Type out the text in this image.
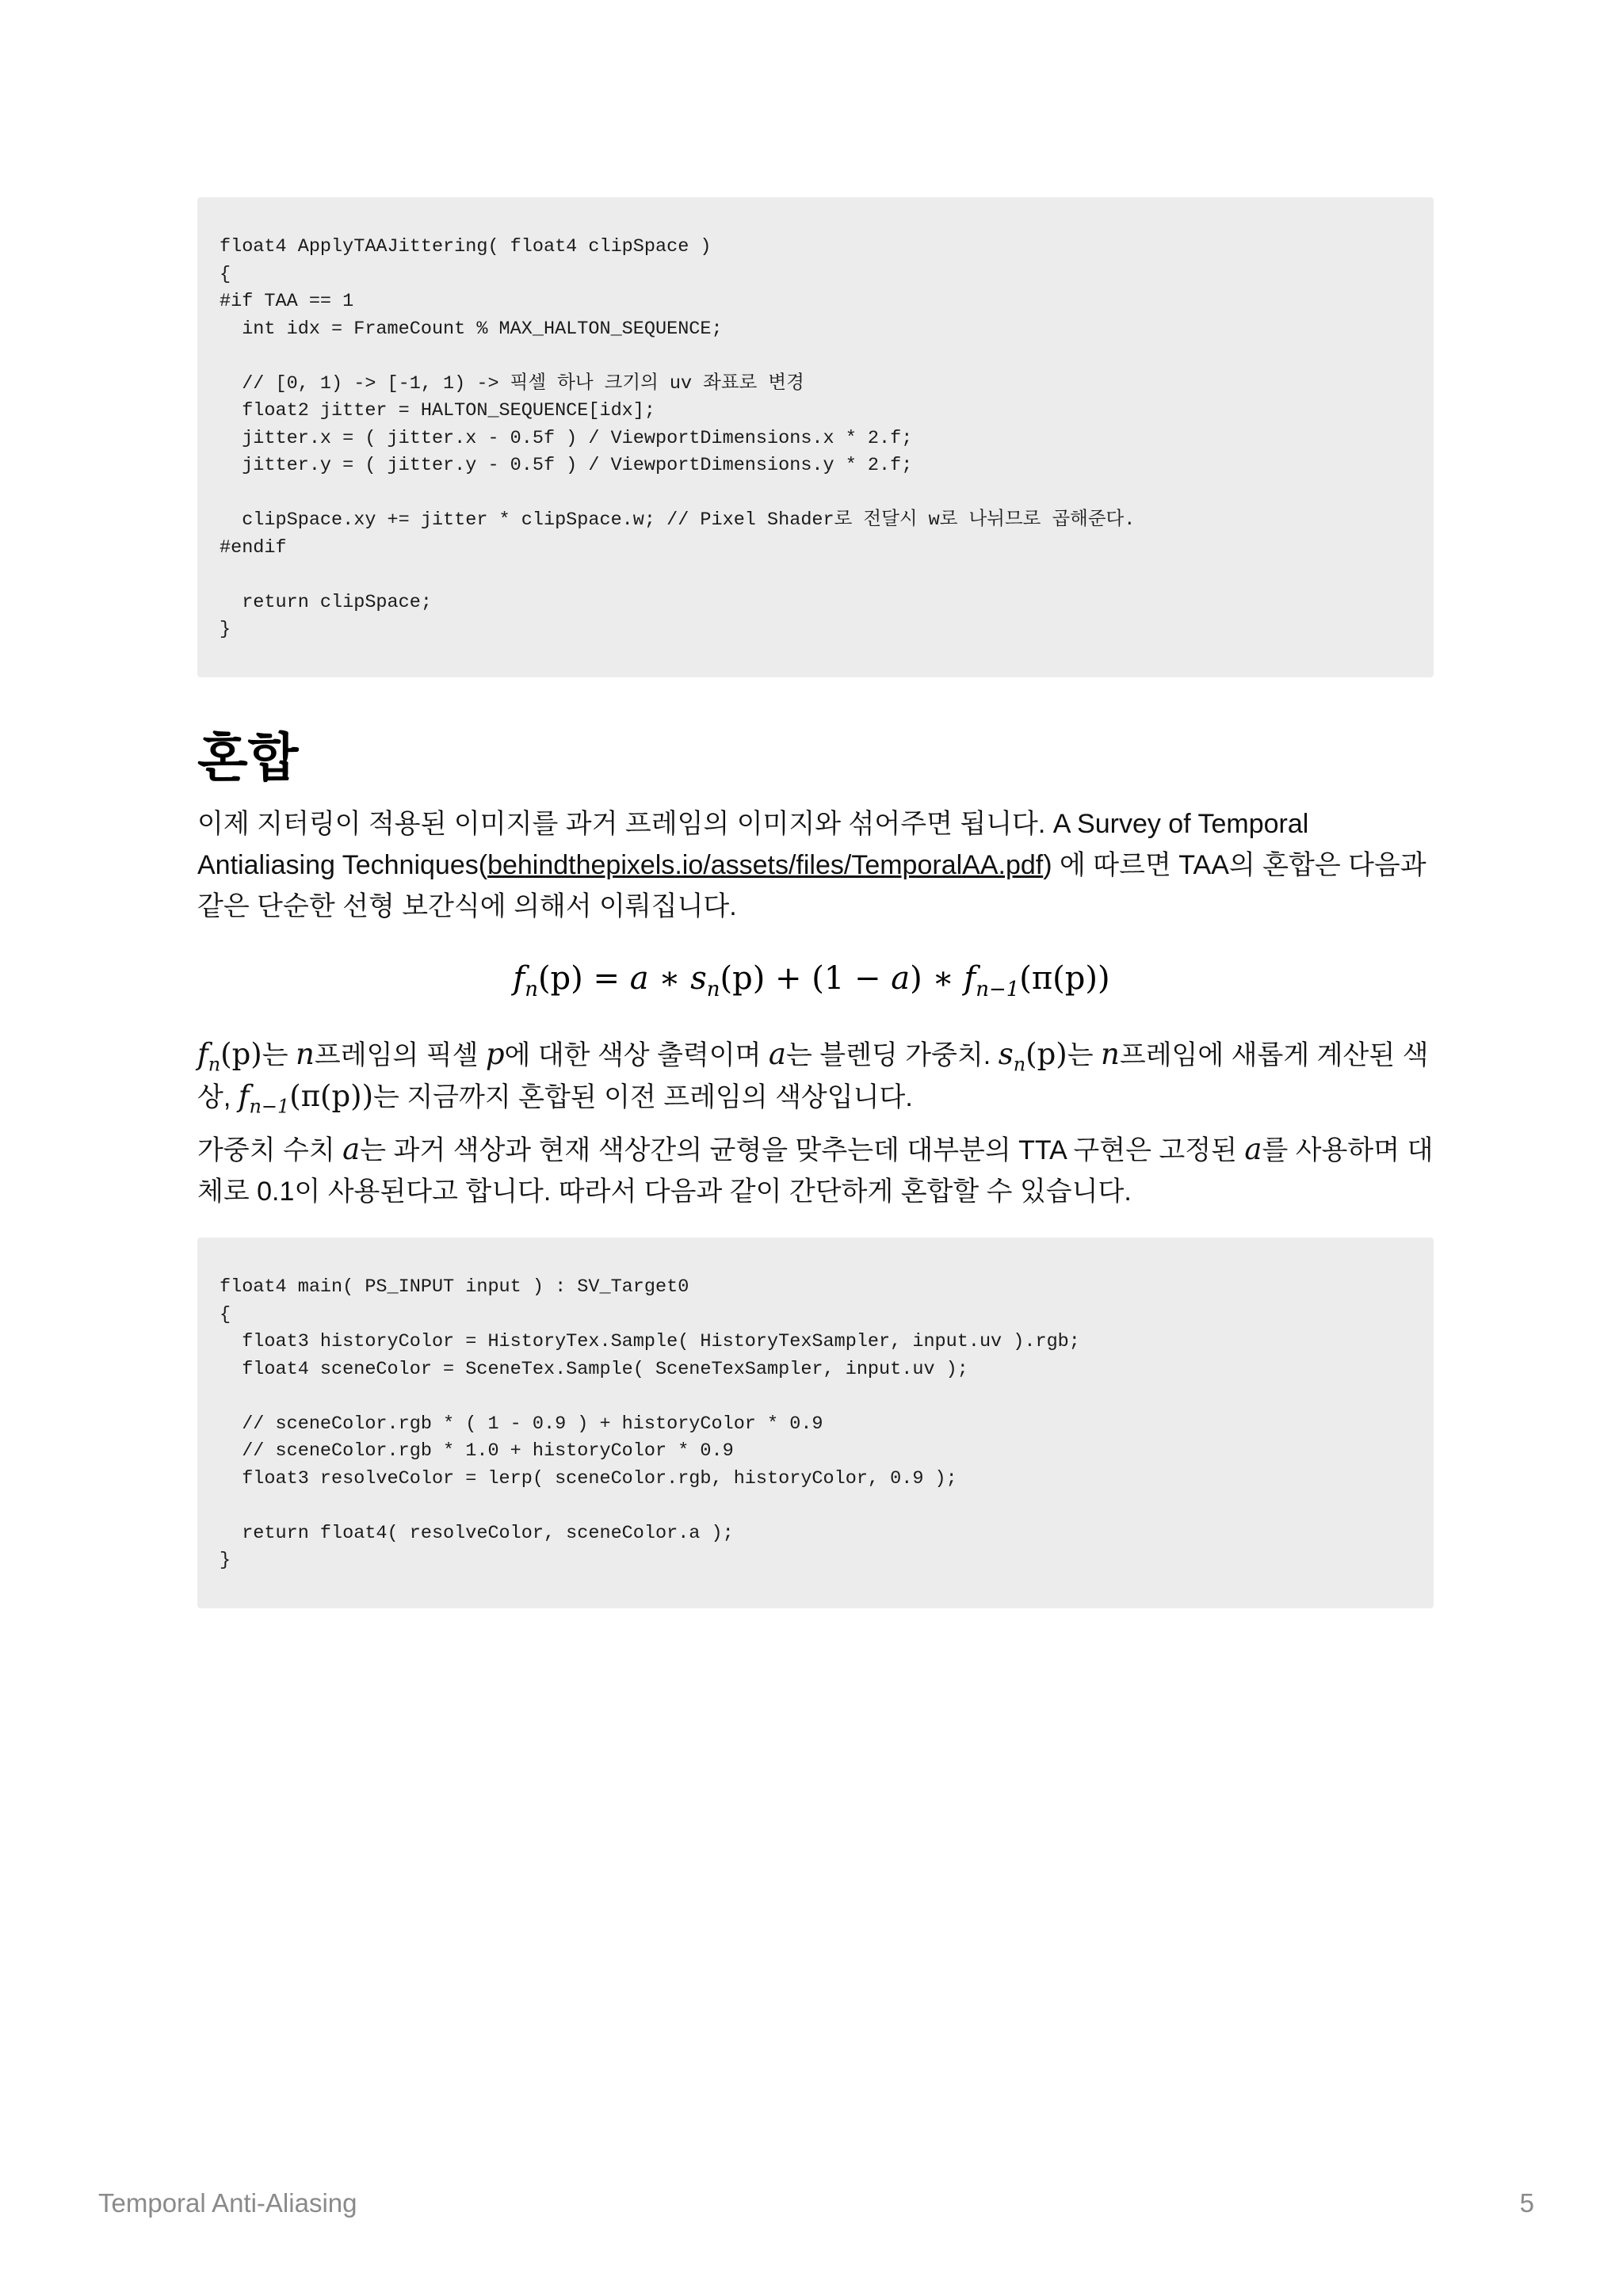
float4 ApplyTAAJittering( float4 clipSpace )
{
#if TAA == 1
int idx = FrameCount % MAX_HALTON_SEQUENCE;

// [0, 1) -> [-1, 1) -> 픽셀 하나 크기의 uv 좌표로 변경
float2 jitter = HALTON_SEQUENCE[idx];
jitter.x = ( jitter.x - 0.5f ) / ViewportDimensions.x * 2.f;
jitter.y = ( jitter.y - 0.5f ) / ViewportDimensions.y * 2.f;

clipSpace.xy += jitter * clipSpace.w; // Pixel Shader로 전달시 w로 나뉘므로 곱해준다.
#endif

return clipSpace;
}
혼합

이제 지터링이 적용된 이미지를 과거 프레임의 이미지와 섞어주면 됩니다. A Survey of Temporal Antialiasing Techniques(behindthepixels.io/assets/files/TemporalAA.pdf) 에 따르면 TAA의 혼합은 다음과 같은 단순한 선형 보간식에 의해서 이뤄집니다.

$f_n(p) = a$ ∗ $s_n(p) + (1 - a)$ ∗ $f_{n-1}(\pi(p))$

$f_n(p)$는 n프레임의 픽셀 p에 대한 색상 출력이며 a는 블렌딩 가중치. $s_n(p)$는 n프레임에 새롭게 계산된 색상, $f_{n-1}(\pi(p))$는 지금까지 혼합된 이전 프레임의 색상입니다.

가중치 수치 a는 과거 색상과 현재 색상간의 균형을 맞추는데 대부분의 TTA 구현은 고정된 a를 사용하며 대체로 0.1이 사용된다고 합니다. 따라서 다음과 같이 간단하게 혼합할 수 있습니다.

float4 main( PS_INPUT input ) : SV_Target0
{
float3 historyColor = HistoryTex.Sample( HistoryTexSampler, input.uv ).rgb;
float4 sceneColor = SceneTex.Sample( SceneTexSampler, input.uv );

// sceneColor.rgb * ( 1 - 0.9 ) + historyColor * 0.9
// sceneColor.rgb * 1.0 + historyColor * 0.9
float3 resolveColor = lerp( sceneColor.rgb, historyColor, 0.9 );

return float4( resolveColor, sceneColor.a );
}
Temporal Anti-Aliasing	5
